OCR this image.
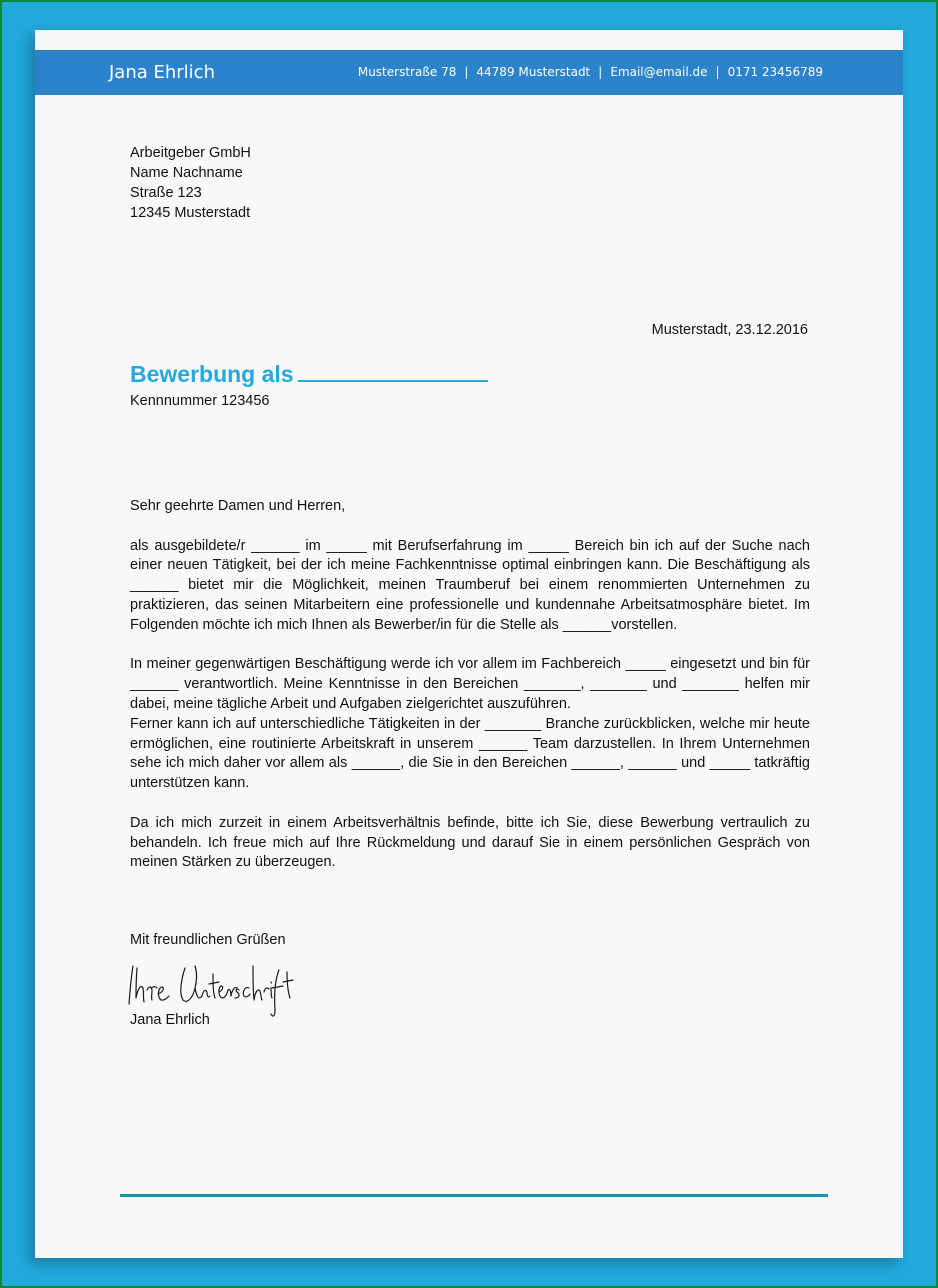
Jana Ehrlich	Musterstraße 78 | 44789 Musterstadt | Email@email.de | 0171 23456789
Arbeitgeber GmbH
Name Nachname
Straße 123
12345 Musterstadt
Musterstadt, 23.12.2016
Bewerbung als
Kennnummer 123456

Sehr geehrte Damen und Herren,

als ausgebildete/r ______ im _____ mit Berufserfahrung im _____ Bereich bin ich auf der Suche nach einer neuen Tätigkeit, bei der ich meine Fachkenntnisse optimal einbringen kann. Die Beschäftigung als ______ bietet mir die Möglichkeit, meinen Traumberuf bei einem renommierten Unternehmen zu praktizieren, das seinen Mitarbeitern eine professionelle und kundennahe Arbeitsatmosphäre bietet. Im Folgenden möchte ich mich Ihnen als Bewerber/in für die Stelle als ______vorstellen.

In meiner gegenwärtigen Beschäftigung werde ich vor allem im Fachbereich _____ eingesetzt und bin für ______ verantwortlich. Meine Kenntnisse in den Bereichen _______, _______ und _______ helfen mir dabei, meine tägliche Arbeit und Aufgaben zielgerichtet auszuführen.

Ferner kann ich auf unterschiedliche Tätigkeiten in der _______ Branche zurückblicken, welche mir heute ermöglichen, eine routinierte Arbeitskraft in unserem ______ Team darzustellen. In Ihrem Unternehmen sehe ich mich daher vor allem als ______, die Sie in den Bereichen ______, ______ und _____ tatkräftig unterstützen kann.

Da ich mich zurzeit in einem Arbeitsverhältnis befinde, bitte ich Sie, diese Bewerbung vertraulich zu behandeln. Ich freue mich auf Ihre Rückmeldung und darauf Sie in einem persönlichen Gespräch von meinen Stärken zu überzeugen.

Mit freundlichen Grüßen
Jana Ehrlich
